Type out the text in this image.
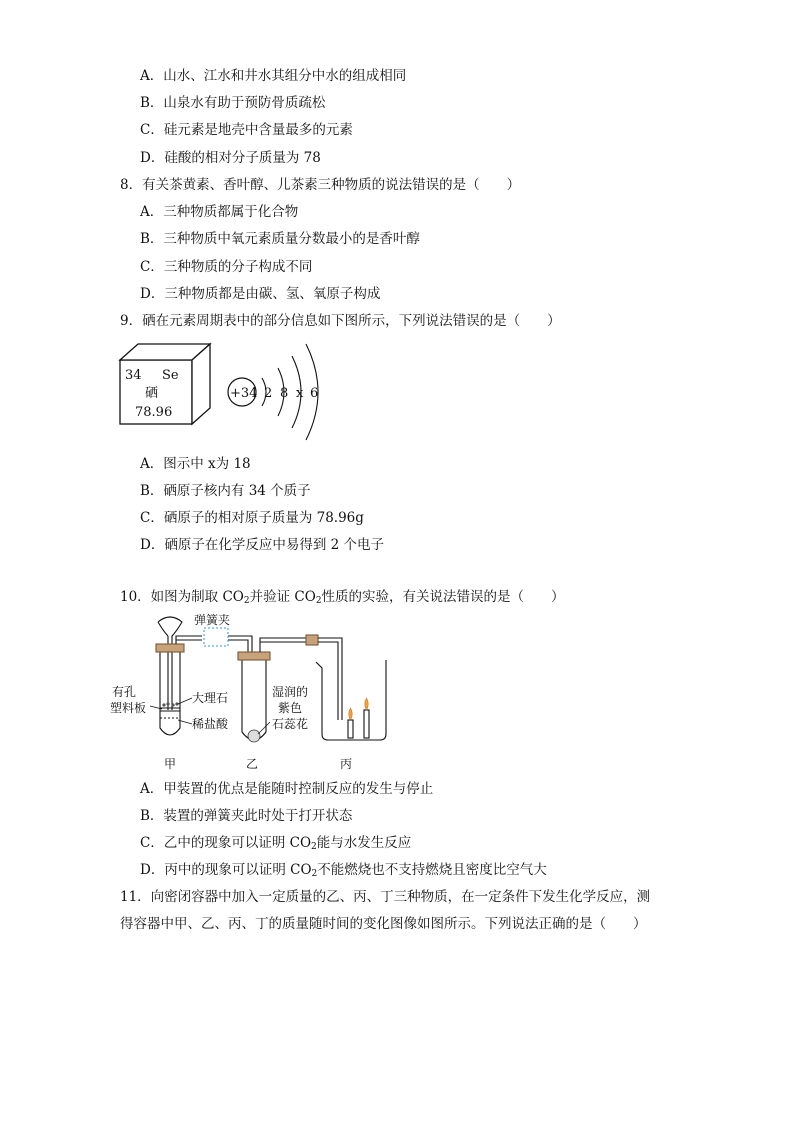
A．山水、江水和井水其组分中水的组成相同
B．山泉水有助于预防骨质疏松
C．硅元素是地壳中含量最多的元素
D．硅酸的相对分子质量为 78
8．有关茶黄素、香叶醇、儿茶素三种物质的说法错误的是（　　）
A．三种物质都属于化合物
B．三种物质中氧元素质量分数最小的是香叶醇
C．三种物质的分子构成不同
D．三种物质都是由碳、氢、氧原子构成
9．硒在元素周期表中的部分信息如下图所示，下列说法错误的是（　　）
34 Se
硒
78.96
+34 2 8 x 6
A．图示中 x为 18
B．硒原子核内有 34 个质子
C．硒原子的相对原子质量为 78.96g
D．硒原子在化学反应中易得到 2 个电子
10．如图为制取 $CO_2$并验证 $CO_2$性质的实验，有关说法错误的是（　　）
弹簧夹
有孔
塑料板
大理石
稀盐酸
湿润的
紫色
石蕊花
甲	乙	丙
A．甲装置的优点是能随时控制反应的发生与停止
B．装置的弹簧夹此时处于打开状态
C．乙中的现象可以证明 $CO_2$能与水发生反应
D．丙中的现象可以证明 $CO_2$不能燃烧也不支持燃烧且密度比空气大
11．向密闭容器中加入一定质量的乙、丙、丁三种物质，在一定条件下发生化学反应，测
得容器中甲、乙、丙、丁的质量随时间的变化图像如图所示。下列说法正确的是（　　）
